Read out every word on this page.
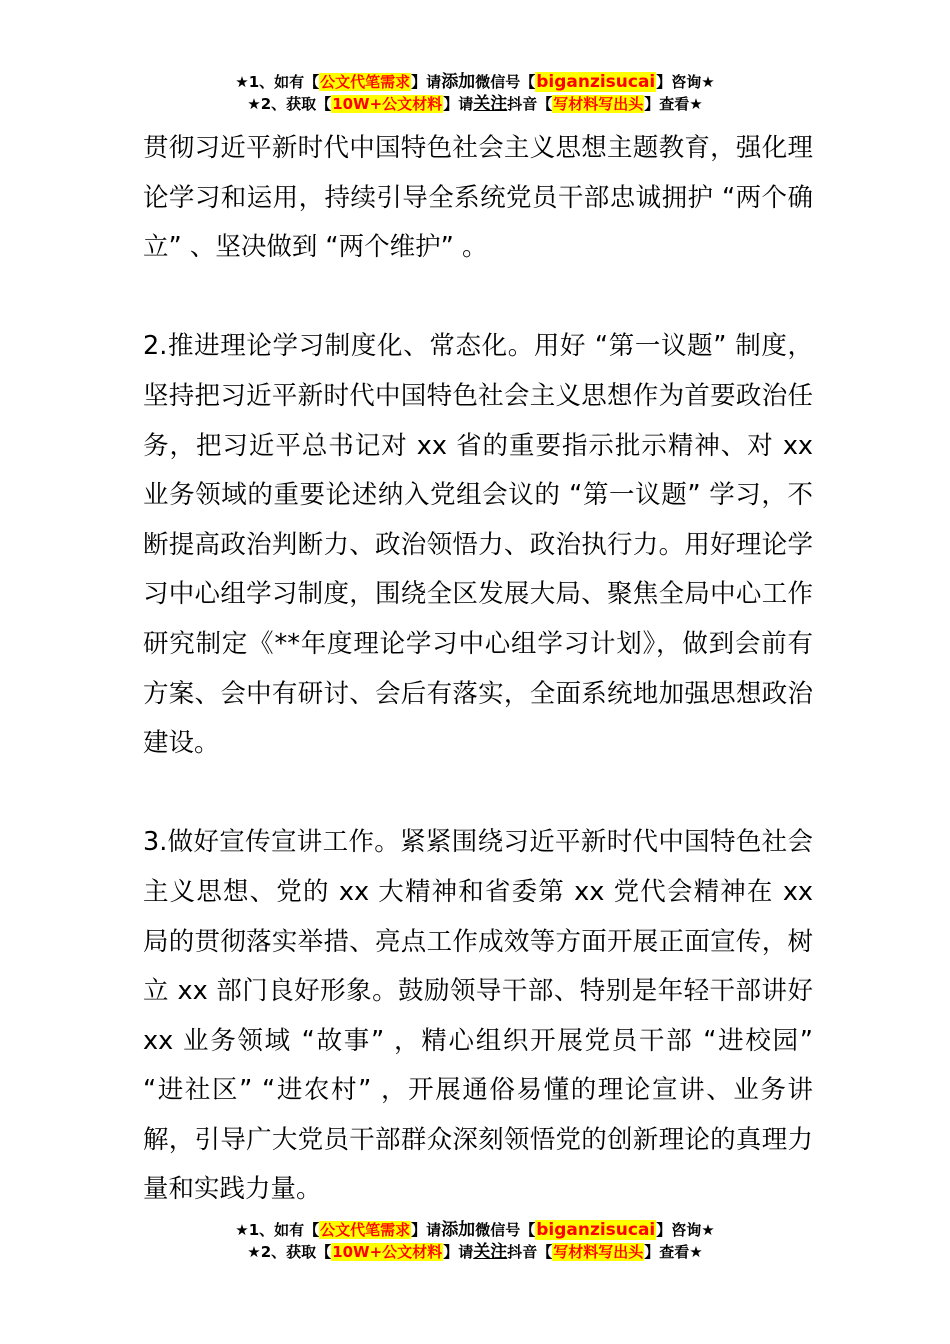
★1、如有【公文代笔需求】请添加微信号【biganzisucai】咨询★
★2、获取【10W+公文材料】请关注抖音【写材料写出头】查看★

贯彻习近平新时代中国特色社会主义思想主题教育，强化理论学习和运用，持续引导全系统党员干部忠诚拥护 “两个确立” 、坚决做到 “两个维护” 。

2.推进理论学习制度化、常态化。用好 “第一议题” 制度，坚持把习近平新时代中国特色社会主义思想作为首要政治任务，把习近平总书记对 xx 省的重要指示批示精神、对 xx 业务领域的重要论述纳入党组会议的 “第一议题” 学习，不断提高政治判断力、政治领悟力、政治执行力。用好理论学习中心组学习制度，围绕全区发展大局、聚焦全局中心工作研究制定《**年度理论学习中心组学习计划》，做到会前有方案、会中有研讨、会后有落实，全面系统地加强思想政治建设。

3.做好宣传宣讲工作。紧紧围绕习近平新时代中国特色社会主义思想、党的 xx 大精神和省委第 xx 党代会精神在 xx 局的贯彻落实举措、亮点工作成效等方面开展正面宣传，树立 xx 部门良好形象。鼓励领导干部、特别是年轻干部讲好 xx 业务领域 “故事” ，精心组织开展党员干部 “进校园” “进社区” “进农村” ，开展通俗易懂的理论宣讲、业务讲解，引导广大党员干部群众深刻领悟党的创新理论的真理力量和实践力量。

★1、如有【公文代笔需求】请添加微信号【biganzisucai】咨询★
★2、获取【10W+公文材料】请关注抖音【写材料写出头】查看★
